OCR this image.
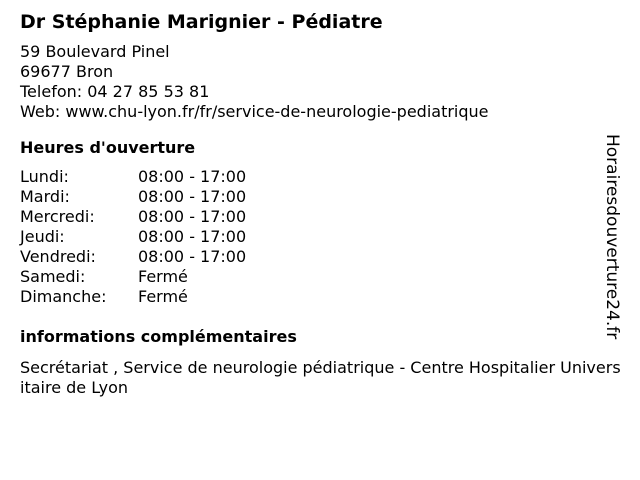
Dr Stéphanie Marignier - Pédiatre
59 Boulevard Pinel
69677 Bron
Telefon: 04 27 85 53 81
Web: www.chu-lyon.fr/fr/service-de-neurologie-pediatrique
Heures d'ouverture
Lundi:	08:00 - 17:00
Mardi:	08:00 - 17:00
Mercredi:	08:00 - 17:00
Jeudi:	08:00 - 17:00
Vendredi:	08:00 - 17:00
Samedi:	Fermé
Dimanche:	Fermé
informations complémentaires
Secrétariat , Service de neurologie pédiatrique - Centre Hospitalier Universitaire de Lyon
Horairesdouverture24.fr
